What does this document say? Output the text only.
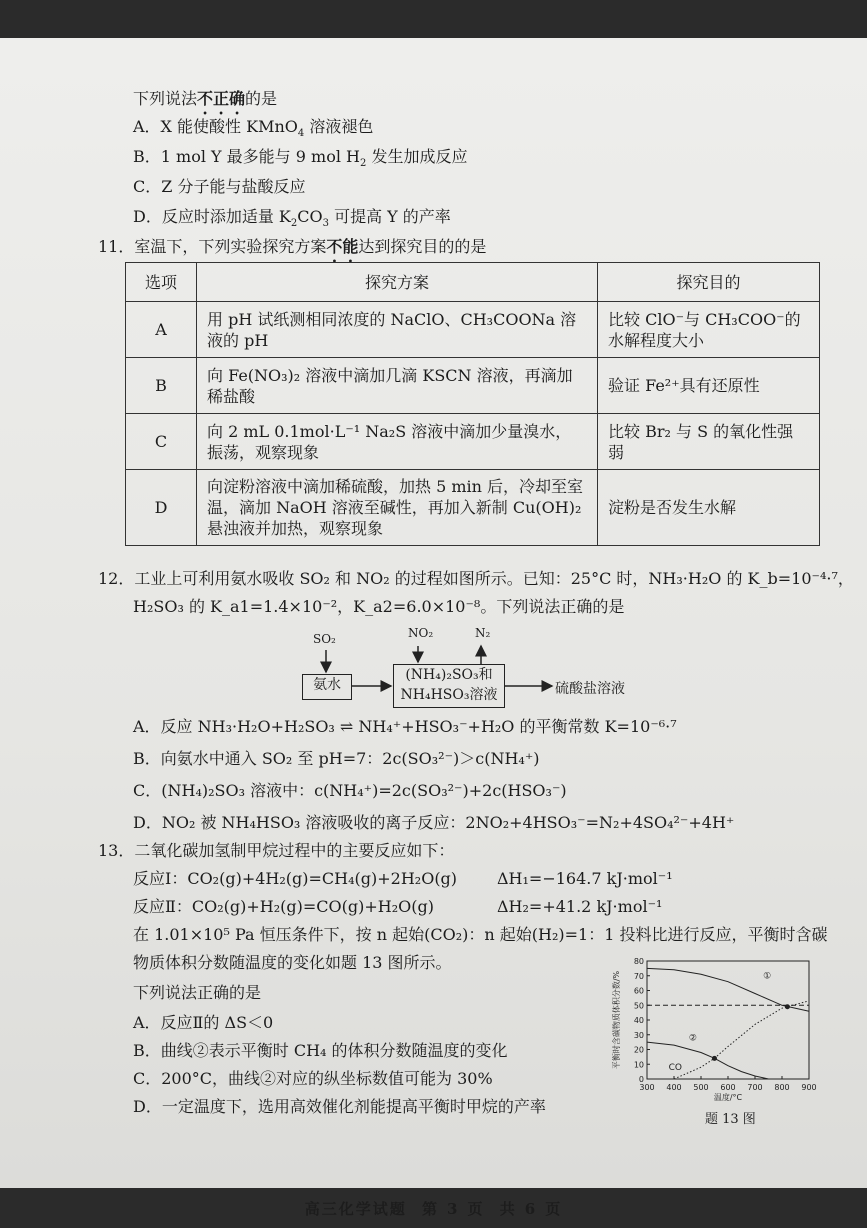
下列说法不正确的是
A．X 能使酸性 KMnO$_4$ 溶液褪色
B．1 mol Y 最多能与 9 mol $H_2$ 发生加成反应
C．Z 分子能与盐酸反应
D．反应时添加适量 $K_2CO_3$ 可提高 Y 的产率
11．室温下，下列实验探究方案不能达到探究目的的是
选项	探究方案	探究目的
A	用 pH 试纸测相同浓度的 NaClO、CH₃COONa 溶液的 pH	比较 ClO⁻与 CH₃COO⁻的水解程度大小
B	向 Fe(NO₃)₂ 溶液中滴加几滴 KSCN 溶液，再滴加稀盐酸	验证 Fe²⁺具有还原性
C	向 2 mL 0.1mol·L⁻¹ Na₂S 溶液中滴加少量溴水，振荡，观察现象	比较 Br₂ 与 S 的氧化性强弱
D	向淀粉溶液中滴加稀硫酸，加热 5 min 后，冷却至室温，滴加 NaOH 溶液至碱性，再加入新制 Cu(OH)₂ 悬浊液并加热，观察现象	淀粉是否发生水解
12．工业上可利用氨水吸收 SO₂ 和 NO₂ 的过程如图所示。已知：25°C 时，NH₃·H₂O 的 K_b=10⁻⁴·⁷，
H₂SO₃ 的 K_a1=1.4×10⁻²，K_a2=6.0×10⁻⁸。下列说法正确的是
SO₂	NO₂	N₂
氨水
(NH₄)₂SO₃和
NH₄HSO₃溶液	硫酸盐溶液
A．反应 NH₃·H₂O+H₂SO₃ ⇌ NH₄⁺+HSO₃⁻+H₂O 的平衡常数 K=10⁻⁶·⁷
B．向氨水中通入 SO₂ 至 pH=7：2c(SO₃²⁻)＞c(NH₄⁺)
C．(NH₄)₂SO₃ 溶液中：c(NH₄⁺)=2c(SO₃²⁻)+2c(HSO₃⁻)
D．NO₂ 被 NH₄HSO₃ 溶液吸收的离子反应：2NO₂+4HSO₃⁻=N₂+4SO₄²⁻+4H⁺
13．二氧化碳加氢制甲烷过程中的主要反应如下：
反应Ⅰ：CO₂(g)+4H₂(g)=CH₄(g)+2H₂O(g) ΔH₁=−164.7 kJ·mol⁻¹
反应Ⅱ：CO₂(g)+H₂(g)=CO(g)+H₂O(g)	ΔH₂=+41.2 kJ·mol⁻¹
在 1.01×10⁵ Pa 恒压条件下，按 n 起始(CO₂)：n 起始(H₂)=1：1 投料比进行反应，平衡时含碳
物质体积分数随温度的变化如题 13 图所示。
下列说法正确的是
A．反应Ⅱ的 ΔS＜0
B．曲线②表示平衡时 CH₄ 的体积分数随温度的变化
C．200°C，曲线②对应的纵坐标数值可能为 30%
D．一定温度下，选用高效催化剂能提高平衡时甲烷的产率
300 400 500 600 700 800 900
0
10
20
30
40
50
60
70
80
温度/°C
平衡时含碳物质体积分数/%	①
②
CO
题 13 图
高三化学试题 第 3 页 共 6 页
